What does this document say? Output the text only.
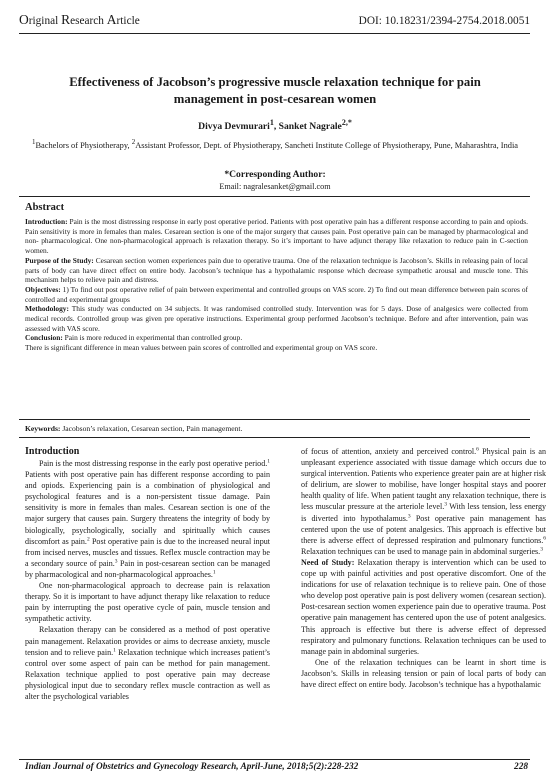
Original Research Article	DOI: 10.18231/2394-2754.2018.0051
Effectiveness of Jacobson’s progressive muscle relaxation technique for pain management in post-cesarean women
Divya Devmurari$^1$, Sanket Nagrale$^{2,*}$
$^1$Bachelors of Physiotherapy, $^2$Assistant Professor, Dept. of Physiotherapy, Sancheti Institute College of Physiotherapy, Pune, Maharashtra, India
*Corresponding Author:
Email: nagralesanket@gmail.com
Abstract

Introduction: Pain is the most distressing response in early post operative period. Patients with post operative pain has a different response according to pain and opiods. Pain sensitivity is more in females than males. Cesarean section is one of the major surgery that causes pain. Post operative pain can be managed by pharmacological and non- pharmacological. One non-pharmacological approach is relaxation therapy. So it’s important to have adjunct therapy like relaxation to reduce pain in C-section women.

Purpose of the Study: Cesarean section women experiences pain due to operative trauma. One of the relaxation technique is Jacobson’s. Skills in releasing pain of local parts of body can have direct effect on entire body. Jacobson’s technique has a hypothalamic response which decrease sympathetic arousal and muscle tone. This mechanism helps to relieve pain and distress.

Objectives: 1) To find out post operative relief of pain between experimental and controlled groups on VAS score. 2) To find out mean difference between pain scores of controlled and experimental groups

Methodology: This study was conducted on 34 subjects. It was randomised controlled study. Intervention was for 5 days. Dose of analgesics were collected from medical records. Controlled group was given pre operative instructions. Experimental group performed Jacobson’s technique. Before and after intervention, pain was assessed with VAS score.

Conclusion: Pain is more reduced in experimental than controlled group.

There is significant difference in mean values between pain scores of controlled and experimental group on VAS score.

Keywords: Jacobson’s relaxation, Cesarean section, Pain management.
Introduction

Pain is the most distressing response in the early post operative period.$^1$ Patients with post operative pain has different response according to pain and opiods. Experiencing pain is a combination of physiological and psychological features and is a non-persistent tissue damage. Pain sensitivity is more in females than males. Cesarean section is one of the major surgery that causes pain. Surgery threatens the integrity of body by biologically, psychologically, socially and spiritually which causes discomfort as pain.$^2$ Post operative pain is due to the increased neural input from incised nerves, muscles and tissues. Reflex muscle contraction may be a secondary source of pain.$^3$ Pain in post-cesarean section can be managed by pharmacological and non-pharmacological approaches.$^1$

One non-pharmacological approach to decrease pain is relaxation therapy. So it is important to have adjunct therapy like relaxation to reduce pain by interrupting the post operative cycle of pain, muscle tension and sympathetic activity.

Relaxation therapy can be considered as a method of post operative pain management. Relaxation provides or aims to decrease anxiety, muscle tension and to relieve pain.$^1$ Relaxation technique which increases patient’s control over some aspect of pain can be method for pain management. Relaxation technique applied to post operative pain may decrease physiological input due to secondary reflex muscle contraction as well as alter the psychological variables

of focus of attention, anxiety and perceived control.$^6$ Physical pain is an unpleasant experience associated with tissue damage which occurs due to surgical intervention. Patients who experience greater pain are at higher risk of delirium, are slower to mobilise, have longer hospital stays and poorer health quality of life. When patient taught any relaxation technique, there is less muscular pressure at the arteriole level.$^3$ With less tension, less energy is diverted into hypothalamus.$^3$ Post operative pain management has centered upon the use of potent analgesics. This approach is effective but there is adverse effect of depressed respiration and pulmonary functions.$^6$ Relaxation techniques can be used to manage pain in abdominal surgeries.$^3$

Need of Study: Relaxation therapy is intervention which can be used to cope up with painful activities and post operative discomfort. One of the indications for use of relaxation technique is to relieve pain. One of those who develop post operative pain is post delivery women (cesarean section). Post-cesarean section women experience pain due to operative trauma. Post operative pain management has centered upon the use of potent analgesics. This approach is effective but there is adverse effect of depressed respiratory and pulmonary functions. Relaxation techniques can be used to manage pain in abdominal surgeries.

One of the relaxation techniques can be learnt in short time is Jacobson’s. Skills in releasing tension or pain of local parts of body can have direct effect on entire body. Jacobson’s technique has a hypothalamic

Indian Journal of Obstetrics and Gynecology Research, April-June, 2018;5(2):228-232	228
